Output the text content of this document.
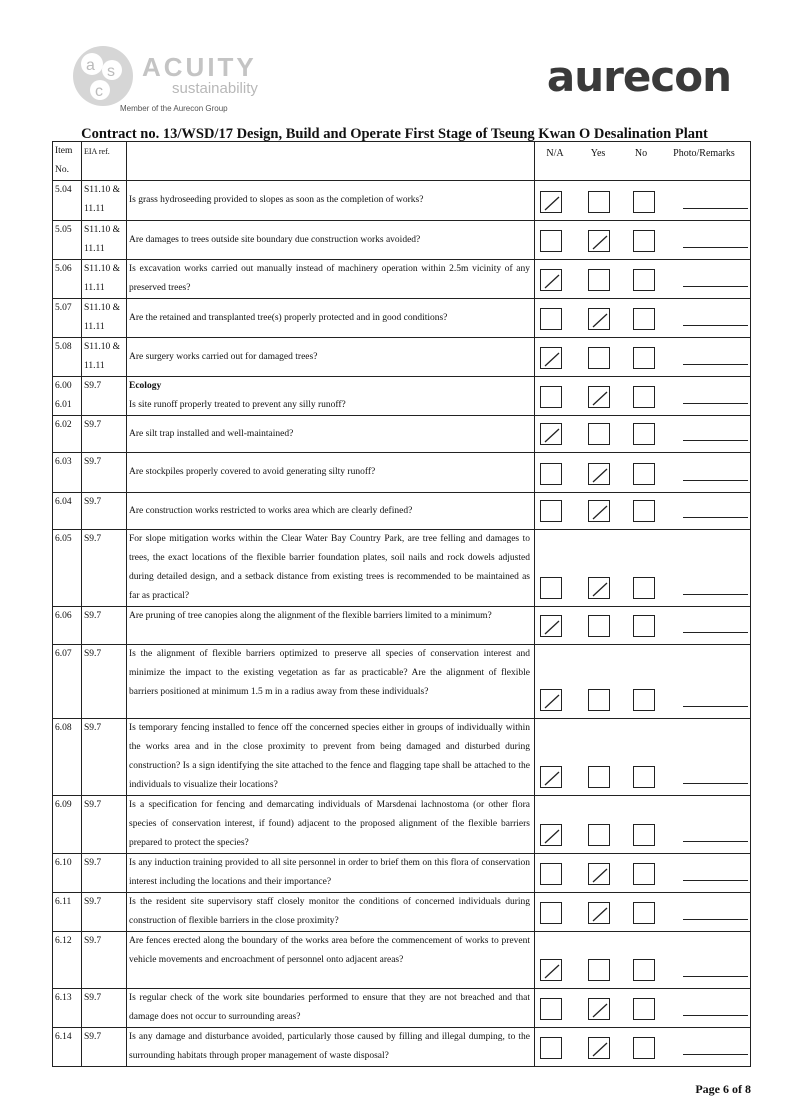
a s
c
ACUITY
sustainability
Member of the Aurecon Group
aurecon
Contract no. 13/WSD/17 Design, Build and Operate First Stage of Tseung Kwan O Desalination Plant
Item No.	EIA ref.		N/A Yes No Photo/Remarks
5.04	S11.10 & 11.11	Is grass hydroseeding provided to slopes as soon as the completion of works?	

5.05	S11.10 & 11.11	Are damages to trees outside site boundary due construction works avoided?	

5.06	S11.10 & 11.11	Is excavation works carried out manually instead of machinery operation within 2.5m vicinity of any preserved trees?	

5.07	S11.10 & 11.11	Are the retained and transplanted tree(s) properly protected and in good conditions?	

5.08	S11.10 & 11.11	Are surgery works carried out for damaged trees?	

6.00 6.01	S9.7	Ecology
Is site runoff properly treated to prevent any silly runoff?	

6.02	S9.7	Are silt trap installed and well-maintained?	

6.03	S9.7	Are stockpiles properly covered to avoid generating silty runoff?	

6.04	S9.7	Are construction works restricted to works area which are clearly defined?	

6.05	S9.7	For slope mitigation works within the Clear Water Bay Country Park, are tree felling and damages to trees, the exact locations of the flexible barrier foundation plates, soil nails and rock dowels adjusted during detailed design, and a setback distance from existing trees is recommended to be maintained as far as practical?	

6.06	S9.7	Are pruning of tree canopies along the alignment of the flexible barriers limited to a minimum?	

6.07	S9.7	Is the alignment of flexible barriers optimized to preserve all species of conservation interest and minimize the impact to the existing vegetation as far as practicable? Are the alignment of flexible barriers positioned at minimum 1.5 m in a radius away from these individuals?	

6.08	S9.7	Is temporary fencing installed to fence off the concerned species either in groups of individually within the works area and in the close proximity to prevent from being damaged and disturbed during construction? Is a sign identifying the site attached to the fence and flagging tape shall be attached to the individuals to visualize their locations?	

6.09	S9.7	Is a specification for fencing and demarcating individuals of Marsdenai lachnostoma (or other flora species of conservation interest, if found) adjacent to the proposed alignment of the flexible barriers prepared to protect the species?	

6.10	S9.7	Is any induction training provided to all site personnel in order to brief them on this flora of conservation interest including the locations and their importance?	

6.11	S9.7	Is the resident site supervisory staff closely monitor the conditions of concerned individuals during construction of flexible barriers in the close proximity?	

6.12	S9.7	Are fences erected along the boundary of the works area before the commencement of works to prevent vehicle movements and encroachment of personnel onto adjacent areas?	

6.13	S9.7	Is regular check of the work site boundaries performed to ensure that they are not breached and that damage does not occur to surrounding areas?	

6.14	S9.7	Is any damage and disturbance avoided, particularly those caused by filling and illegal dumping, to the surrounding habitats through proper management of waste disposal?	
Page 6 of 8
